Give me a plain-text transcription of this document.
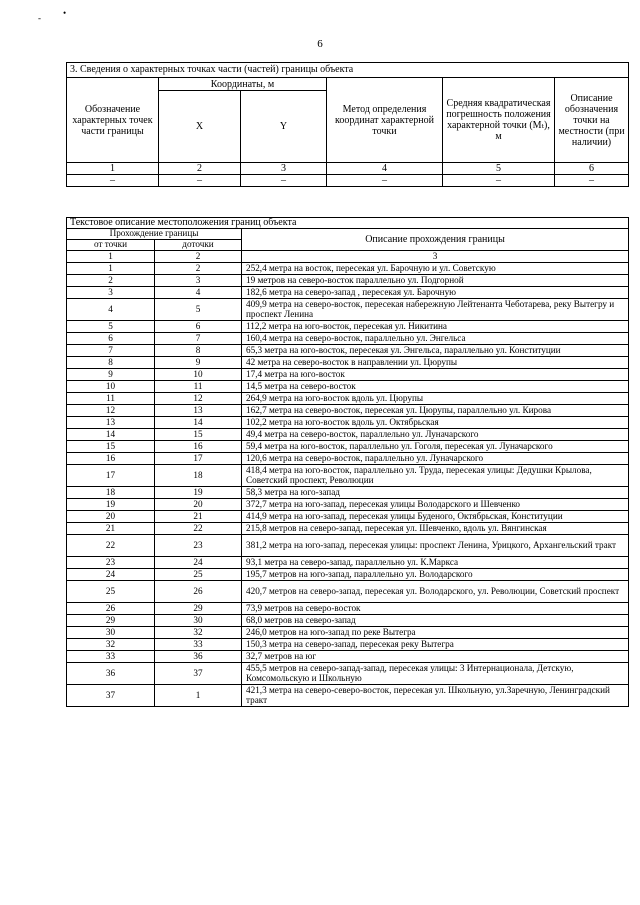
- •
6
3. Сведения о характерных точках части (частей) границы объекта					
Обозначение характерных точек части границы	Координаты, м		Метод определения координат характерной точки	Средняя квадратическая погрешность положения характерной точки (Mₜ), м	Описание обозначения точки на местности (при наличии)
	X	Y			
1	2	3	4	5	6
–	–	–	–	–	–
Текстовое описание местоположения границ объекта		
Прохождение границы		Описание прохождения границы
от точки	доточки	
1	2	3
1	2	252,4 метра на восток, пересекая ул. Барочную и ул. Советскую
2	3	19 метров на северо-восток параллельно ул. Подгорной
3	4	182,6 метра на северо-запад , пересекая ул. Барочную
4	5	409,9 метра на северо-восток, пересекая набережную Лейтенанта Чеботарева, реку Вытегру и проспект Ленина
5	6	112,2 метра на юго-восток, пересекая ул. Никитина
6	7	160,4 метра на северо-восток, параллельно ул. Энгельса
7	8	65,3 метра на юго-восток, пересекая ул. Энгельса, параллельно ул. Конституции
8	9	42 метра на северо-восток в направлении ул. Цюрупы
9	10	17,4 метра на юго-восток
10	11	14,5 метра на северо-восток
11	12	264,9 метра на юго-восток вдоль ул. Цюрупы
12	13	162,7 метра на северо-восток, пересекая ул. Цюрупы, параллельно ул. Кирова
13	14	102,2 метра на юго-восток вдоль ул. Октябрьская
14	15	49,4 метра на северо-восток, параллельно ул. Луначарского
15	16	59,4 метра на юго-восток, параллельно ул. Гоголя, пересекая ул. Луначарского
16	17	120,6 метра на северо-восток, параллельно ул. Луначарского
17	18	418,4 метра на юго-восток, параллельно ул. Труда, пересекая улицы: Дедушки Крылова, Советский проспект, Революции
18	19	58,3 метра на юго-запад
19	20	372,7 метра на юго-запад, пересекая улицы Володарского и Шевченко
20	21	414,9 метра на юго-запад, пересекая улицы Буденого, Октябрьская, Конституции
21	22	215,8 метров на северо-запад, пересекая ул. Шевченко, вдоль ул. Вянгинская
22	23	381,2 метра на юго-запад, пересекая улицы: проспект Ленина, Урицкого, Архангельский тракт
23	24	93,1 метра на северо-запад, параллельно ул. К.Маркса
24	25	195,7 метров на юго-запад, параллельно ул. Володарского
25	26	420,7 метров на северо-запад, пересекая ул. Володарского, ул. Революции, Советский проспект
26	29	73,9 метров на северо-восток
29	30	68,0 метров на северо-запад
30	32	246,0 метров на юго-запад по реке Вытегра
32	33	150,3 метра на северо-запад, пересекая реку Вытегра
33	36	32,7 метров на юг
36	37	455,5 метров на северо-запад-запад, пересекая улицы: 3 Интернационала, Детскую, Комсомольскую и Школьную
37	1	421,3 метра на северо-северо-восток, пересекая ул. Школьную, ул.Заречную, Ленинградский тракт
